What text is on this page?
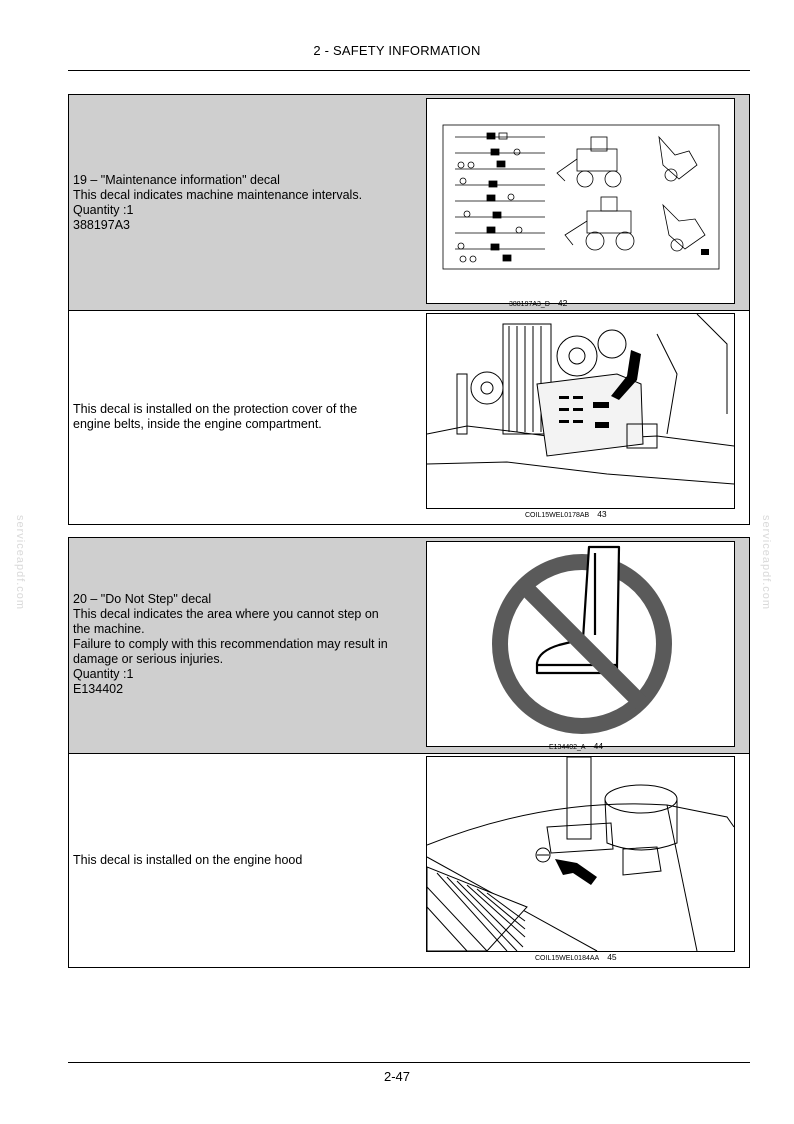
2 - SAFETY INFORMATION
serviceapdf.com	serviceapdf.com
19 – "Maintenance information" decal
This decal indicates machine maintenance intervals.
Quantity :1
388197A3
388197A3_D 42
This decal is installed on the protection cover of the
engine belts, inside the engine compartment.
COIL15WEL0178AB 43
20 – "Do Not Step" decal
This decal indicates the area where you cannot step on
the machine.
Failure to comply with this recommendation may result in
damage or serious injuries.
Quantity :1
E134402
E134402_A 44
This decal is installed on the engine hood
COIL15WEL0184AA 45
2-47
